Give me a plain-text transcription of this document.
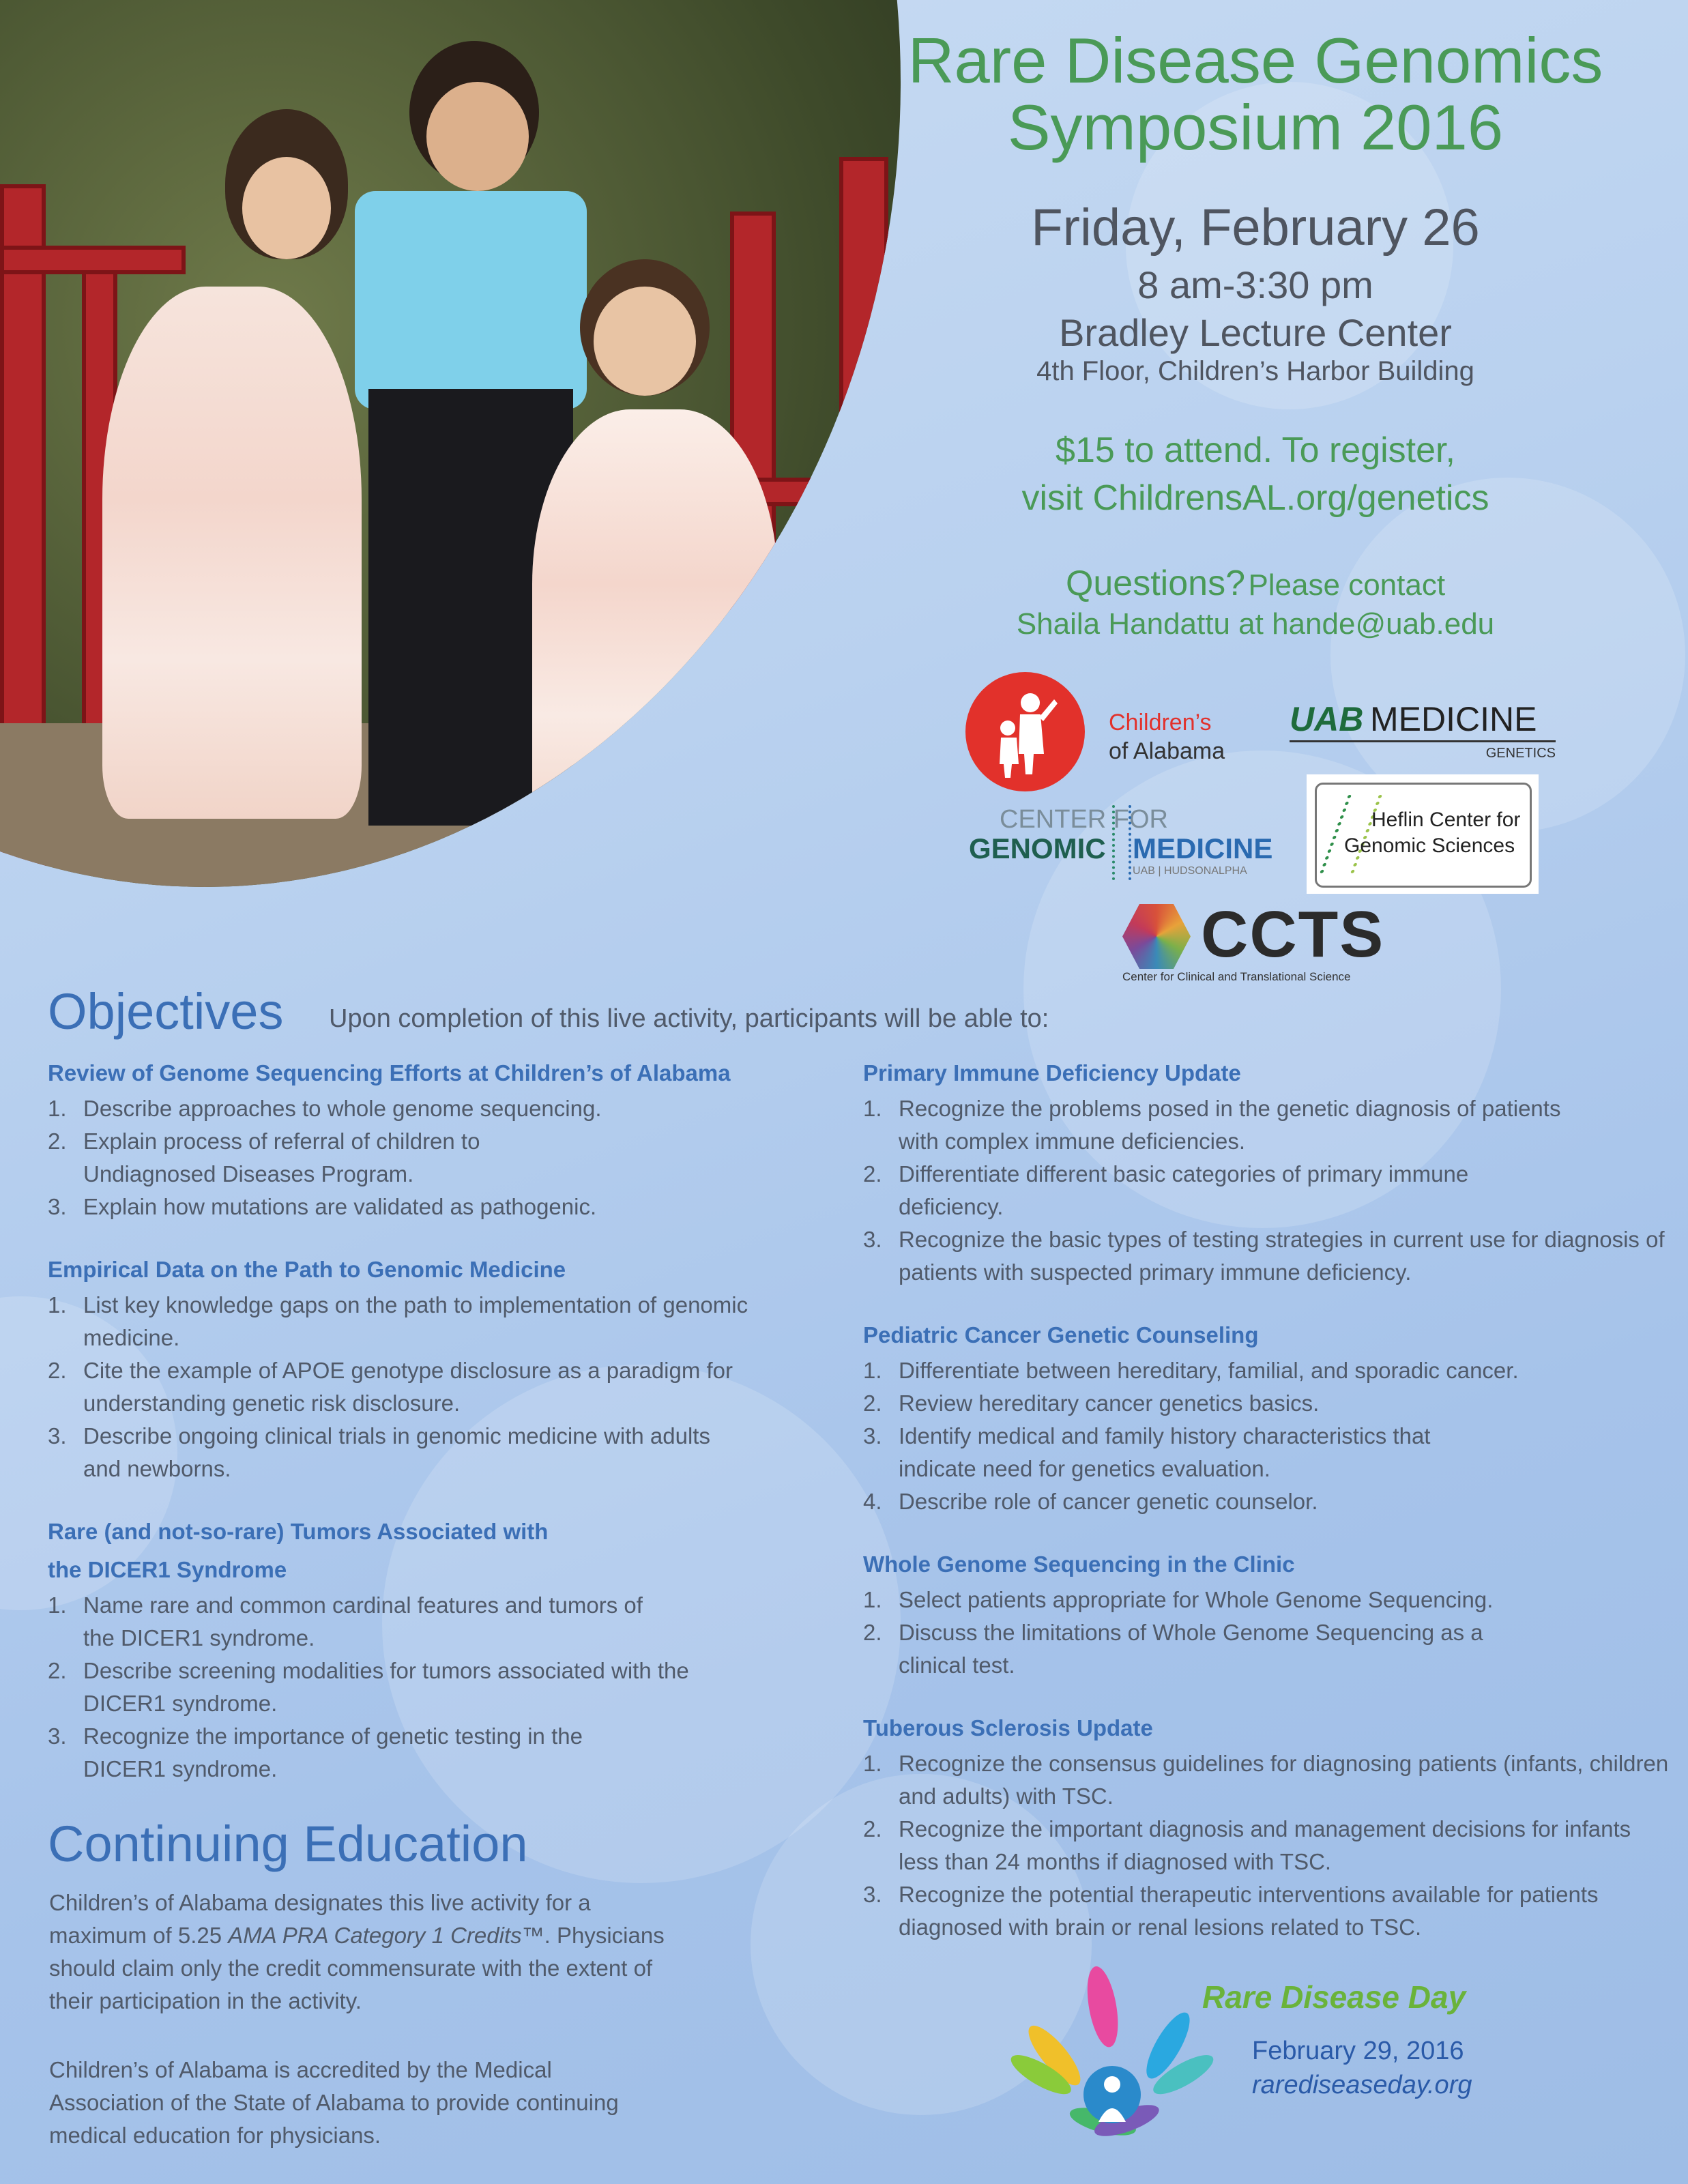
Rare Disease Genomics
Symposium 2016
Friday, February 26
8 am-3:30 pm
Bradley Lecture Center
4th Floor, Children’s Harbor Building
$15 to attend. To register,
visit ChildrensAL.org/genetics
Questions? Please contact
Shaila Handattu at hande@uab.edu
Children’s
of Alabama
UAB MEDICINE
GENETICS
CENTER FOR
GENOMIC MEDICINE
UAB | HUDSONALPHA
Heflin Center for
Genomic Sciences
CCTS
Center for Clinical and Translational Science
Objectives Upon completion of this live activity, participants will be able to:
Review of Genome Sequencing Efforts at Children’s of Alabama
1. Describe approaches to whole genome sequencing.
2. Explain process of referral of children to Undiagnosed Diseases Program.
3. Explain how mutations are validated as pathogenic.
Empirical Data on the Path to Genomic Medicine
1. List key knowledge gaps on the path to implementation of genomic medicine.
2. Cite the example of APOE genotype disclosure as a paradigm for understanding genetic risk disclosure.
3. Describe ongoing clinical trials in genomic medicine with adults and newborns.
Rare (and not-so-rare) Tumors Associated with the DICER1 Syndrome
1. Name rare and common cardinal features and tumors of the DICER1 syndrome.
2. Describe screening modalities for tumors associated with the DICER1 syndrome.
3. Recognize the importance of genetic testing in the DICER1 syndrome.
Primary Immune Deficiency Update
1. Recognize the problems posed in the genetic diagnosis of patients with complex immune deficiencies.
2. Differentiate different basic categories of primary immune deficiency.
3. Recognize the basic types of testing strategies in current use for diagnosis of patients with suspected primary immune deficiency.
Pediatric Cancer Genetic Counseling
1. Differentiate between hereditary, familial, and sporadic cancer.
2. Review hereditary cancer genetics basics.
3. Identify medical and family history characteristics that indicate need for genetics evaluation.
4. Describe role of cancer genetic counselor.
Whole Genome Sequencing in the Clinic
1. Select patients appropriate for Whole Genome Sequencing.
2. Discuss the limitations of Whole Genome Sequencing as a clinical test.
Tuberous Sclerosis Update
1. Recognize the consensus guidelines for diagnosing patients (infants, children and adults) with TSC.
2. Recognize the important diagnosis and management decisions for infants less than 24 months if diagnosed with TSC.
3. Recognize the potential therapeutic interventions available for patients diagnosed with brain or renal lesions related to TSC.
Continuing Education
Children’s of Alabama designates this live activity for a maximum of 5.25 AMA PRA Category 1 Credits™. Physicians should claim only the credit commensurate with the extent of their participation in the activity.
Children’s of Alabama is accredited by the Medical Association of the State of Alabama to provide continuing medical education for physicians.
Rare Disease Day
February 29, 2016
rarediseaseday.org
